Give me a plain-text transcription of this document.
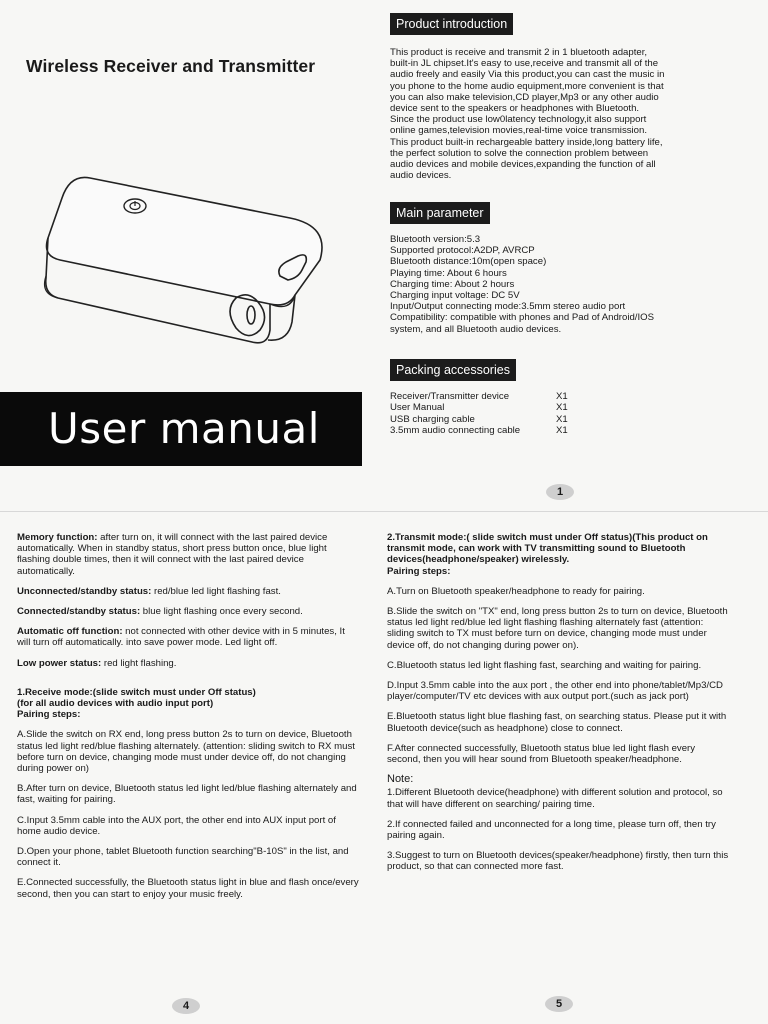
Wireless Receiver and Transmitter
User manual
Product introduction

This product is receive and transmit 2 in 1 bluetooth adapter,

built-in JL chipset.It's easy to use,receive and transmit all of the

audio freely and easily Via this product,you can cast the music in

you phone to the home audio equipment,more convenient is that

you can also make television,CD player,Mp3 or any other audio

device sent to the speakers or headphones with Bluetooth.

Since the product use low0latency technology,it also support

online games,television movies,real-time voice transmission.

This product built-in rechargeable battery inside,long battery life,

the perfect solution to solve the connection problem between

audio devices and mobile devices,expanding the function of all

audio devices.

Main parameter

Bluetooth version:5.3

Supported protocol:A2DP, AVRCP

Bluetooth distance:10m(open space)

Playing time: About 6 hours

Charging time: About 2 hours

Charging input voltage: DC 5V

Input/Output connecting mode:3.5mm stereo audio port

Compatibility: compatible with phones and Pad of Android/IOS

system, and all Bluetooth audio devices.

Packing accessories
Receiver/Transmitter device	X1
User Manual	X1
USB charging cable	X1
3.5mm audio connecting cable	X1
1

Memory function: after turn on, it will connect with the last paired device automatically. When in standby status, short press button once, blue light flashing double times, then it will connect with the last paired device automatically.

Unconnected/standby status: red/blue led light flashing fast.

Connected/standby status: blue light flashing once every second.

Automatic off function: not connected with other device with in 5 minutes, It will turn off automatically. into save power mode. Led light off.

Low power status: red light flashing.

1.Receive mode:(slide switch must under Off status)
(for all audio devices with audio input port)
Pairing steps:

A.Slide the switch on RX end, long press button 2s to turn on device, Bluetooth status led light red/blue flashing alternately. (attention: sliding switch to RX must before turn on device, changing mode must under device off, do not changing during power on)

B.After turn on device, Bluetooth status led light led/blue flashing alternately and fast, waiting for pairing.

C.Input 3.5mm cable into the AUX port, the other end into AUX input port of home audio device.

D.Open your phone, tablet Bluetooth function searching"B-10S" in the list, and connect it.

E.Connected successfully, the Bluetooth status light in blue and flash once/every second, then you can start to enjoy your music freely.

4

2.Transmit mode:( slide switch must under Off status)(This product on transmit mode, can work with TV transmitting sound to Bluetooth devices(headphone/speaker) wirelessly.
Pairing steps:

A.Turn on Bluetooth speaker/headphone to ready for pairing.

B.Slide the switch on "TX" end, long press button 2s to turn on device, Bluetooth status led light red/blue led light flashing flashing alternately fast (attention: sliding switch to TX must before turn on device, changing mode must under device off, do not changing during power on).

C.Bluetooth status led light flashing fast, searching and waiting for pairing.

D.Input 3.5mm cable into the aux port , the other end into phone/tablet/Mp3/CD player/computer/TV etc devices with aux output port.(such as jack port)

E.Bluetooth status light blue flashing fast, on searching status. Please put it with Bluetooth device(such as headphone) close to connect.

F.After connected successfully, Bluetooth status blue led light flash every second, then you will hear sound from Bluetooth speaker/headphone.

Note:

1.Different Bluetooth device(headphone) with different solution and protocol, so that will have different on searching/ pairing time.

2.If connected failed and unconnected for a long time, please turn off, then try pairing again.

3.Suggest to turn on Bluetooth devices(speaker/headphone) firstly, then turn this product, so that can connected more fast.

5
